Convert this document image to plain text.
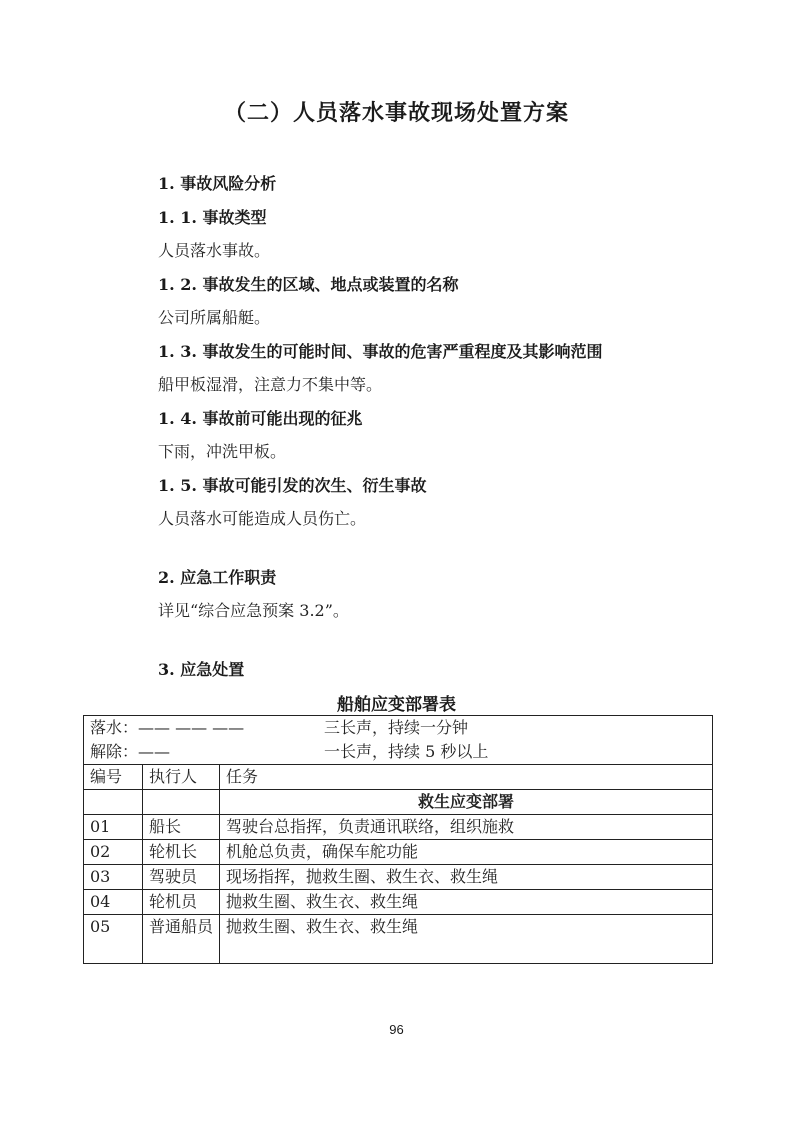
（二）人员落水事故现场处置方案
1. 事故风险分析
1. 1. 事故类型
人员落水事故。
1. 2. 事故发生的区域、地点或装置的名称
公司所属船艇。
1. 3. 事故发生的可能时间、事故的危害严重程度及其影响范围
船甲板湿滑，注意力不集中等。
1. 4. 事故前可能出现的征兆
下雨，冲洗甲板。
1. 5. 事故可能引发的次生、衍生事故
人员落水可能造成人员伤亡。
2. 应急工作职责
详见“综合应急预案 3.2”。
3. 应急处置
船舶应变部署表
落水：—— —— —— 三长声，持续一分钟
解除：—— 一长声，持续 5 秒以上		

编号	执行人	任务
		救生应变部署
01	船长	驾驶台总指挥，负责通讯联络，组织施救
02	轮机长	机舱总负责，确保车舵功能
03	驾驶员	现场指挥，抛救生圈、救生衣、救生绳
04	轮机员	抛救生圈、救生衣、救生绳
05	普通船员	抛救生圈、救生衣、救生绳
96
